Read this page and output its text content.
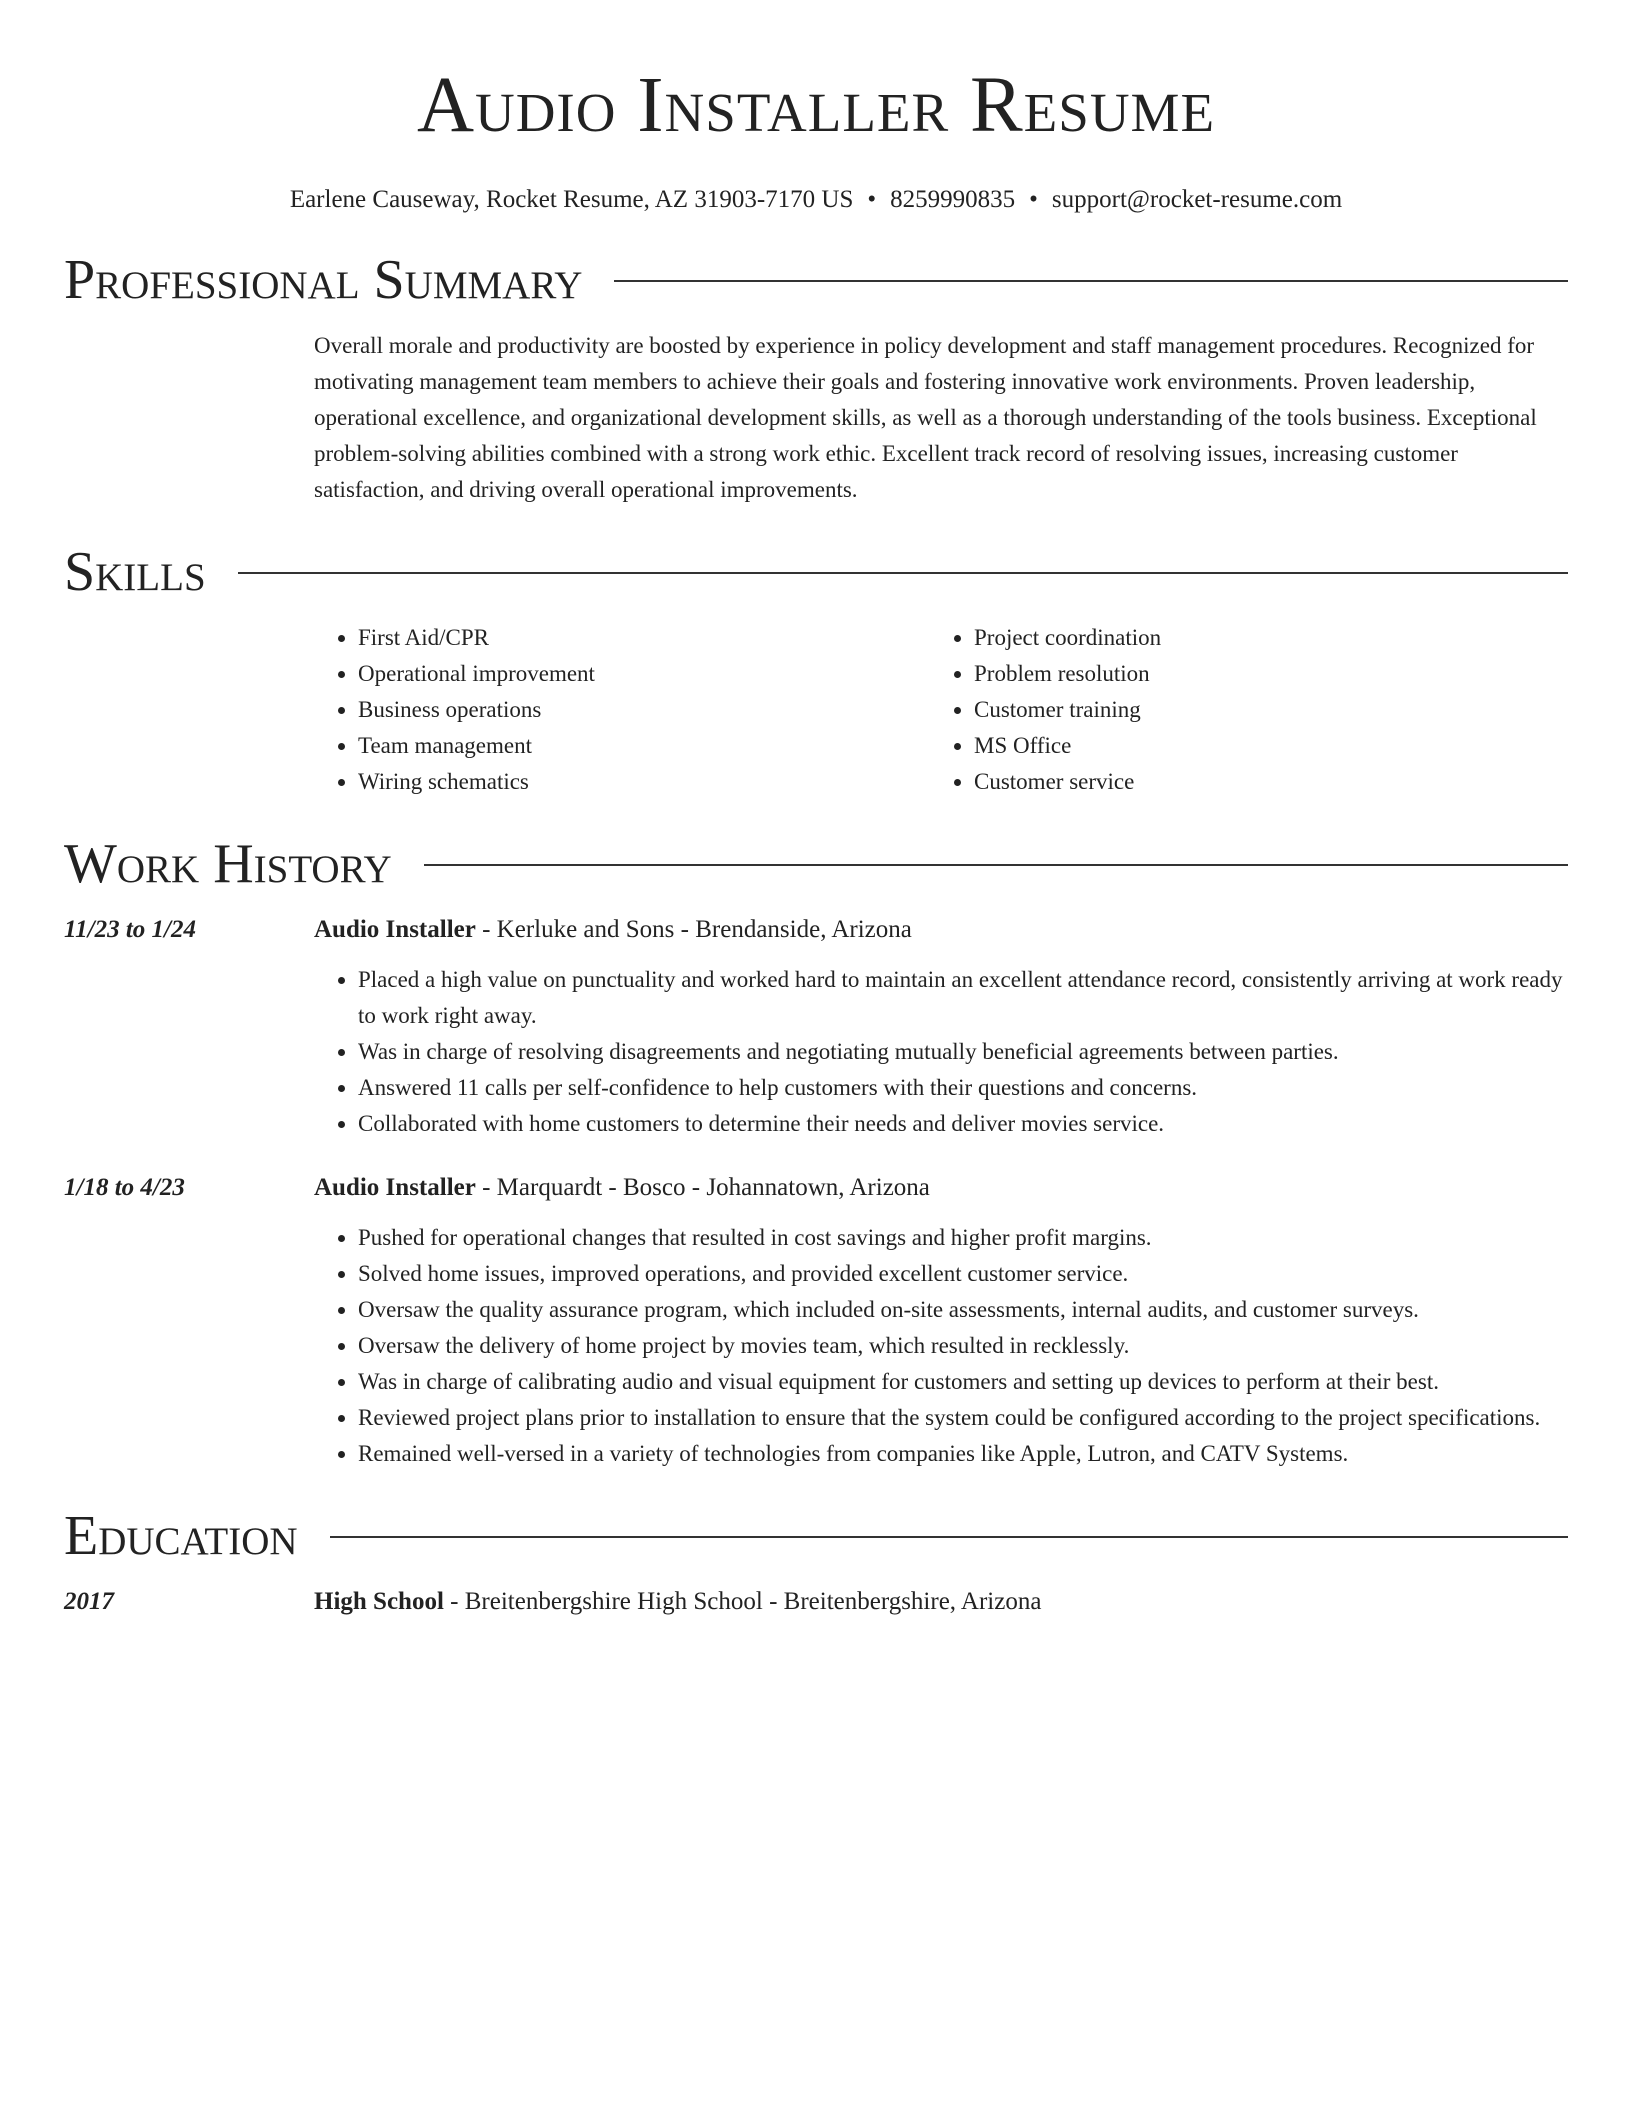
Audio Installer Resume
Earlene Causeway, Rocket Resume, AZ 31903-7170 US • 8259990835 • support@rocket-resume.com
Professional Summary

Overall morale and productivity are boosted by experience in policy development and staff management procedures. Recognized for motivating management team members to achieve their goals and fostering innovative work environments. Proven leadership, operational excellence, and organizational development skills, as well as a thorough understanding of the tools business. Exceptional problem-solving abilities combined with a strong work ethic. Excellent track record of resolving issues, increasing customer satisfaction, and driving overall operational improvements.

Skills
• First Aid/CPR
• Operational improvement
• Business operations
• Team management
• Wiring schematics
• Project coordination
• Problem resolution
• Customer training
• MS Office
• Customer service
Work History
11/23 to 1/24	Audio Installer - Kerluke and Sons - Brendanside, Arizona
• Placed a high value on punctuality and worked hard to maintain an excellent attendance record, consistently arriving at work ready to work right away.
• Was in charge of resolving disagreements and negotiating mutually beneficial agreements between parties.
• Answered 11 calls per self-confidence to help customers with their questions and concerns.
• Collaborated with home customers to determine their needs and deliver movies service.
1/18 to 4/23	Audio Installer - Marquardt - Bosco - Johannatown, Arizona
• Pushed for operational changes that resulted in cost savings and higher profit margins.
• Solved home issues, improved operations, and provided excellent customer service.
• Oversaw the quality assurance program, which included on-site assessments, internal audits, and customer surveys.
• Oversaw the delivery of home project by movies team, which resulted in recklessly.
• Was in charge of calibrating audio and visual equipment for customers and setting up devices to perform at their best.
• Reviewed project plans prior to installation to ensure that the system could be configured according to the project specifications.
• Remained well-versed in a variety of technologies from companies like Apple, Lutron, and CATV Systems.
Education
2017	High School - Breitenbergshire High School - Breitenbergshire, Arizona
